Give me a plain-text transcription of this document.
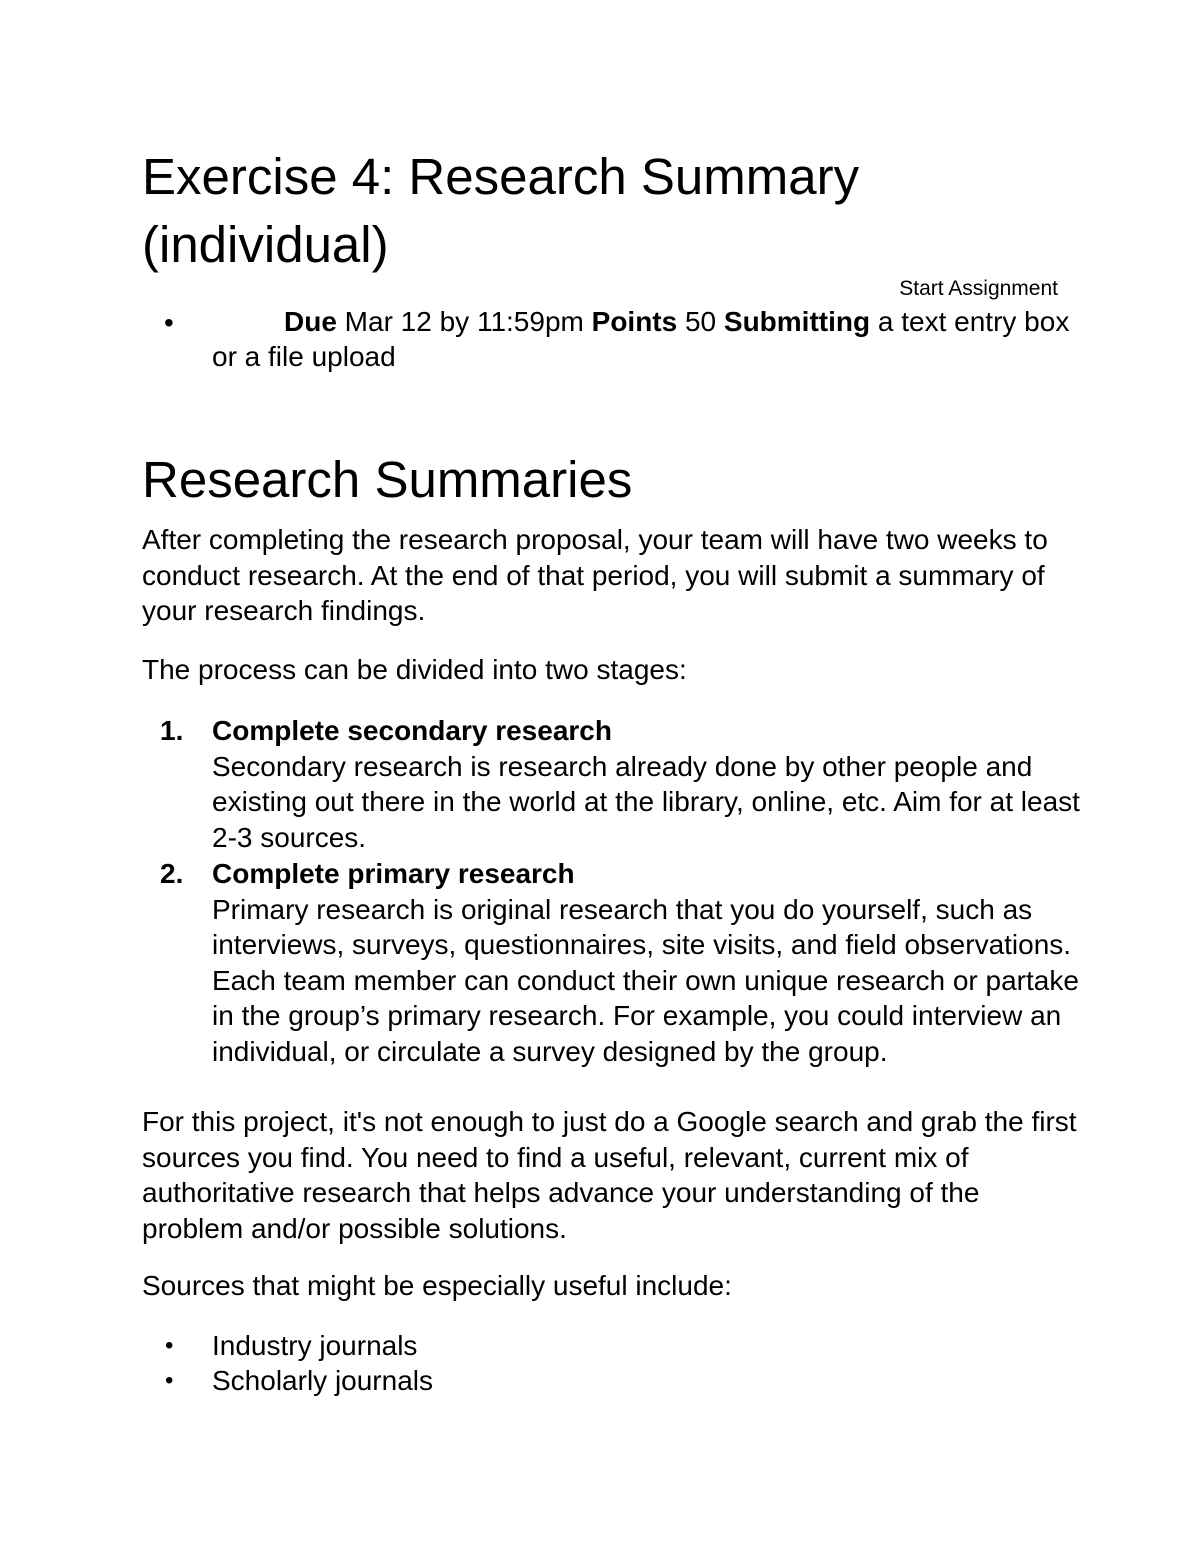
Exercise 4: Research Summary (individual)
Start Assignment
•	Due Mar 12 by 11:59pm Points 50 Submitting a text entry box or a file upload
Research Summaries

After completing the research proposal, your team will have two weeks to conduct research. At the end of that period, you will submit a summary of your research findings.

The process can be divided into two stages:

1. Complete secondary research
Secondary research is research already done by other people and existing out there in the world at the library, online, etc. Aim for at least 2-3 sources.

2. Complete primary research
Primary research is original research that you do yourself, such as interviews, surveys, questionnaires, site visits, and field observations. Each team member can conduct their own unique research or partake in the group’s primary research. For example, you could interview an individual, or circulate a survey designed by the group.

For this project, it's not enough to just do a Google search and grab the first sources you find. You need to find a useful, relevant, current mix of authoritative research that helps advance your understanding of the problem and/or possible solutions.

Sources that might be especially useful include:

• Industry journals

• Scholarly journals
